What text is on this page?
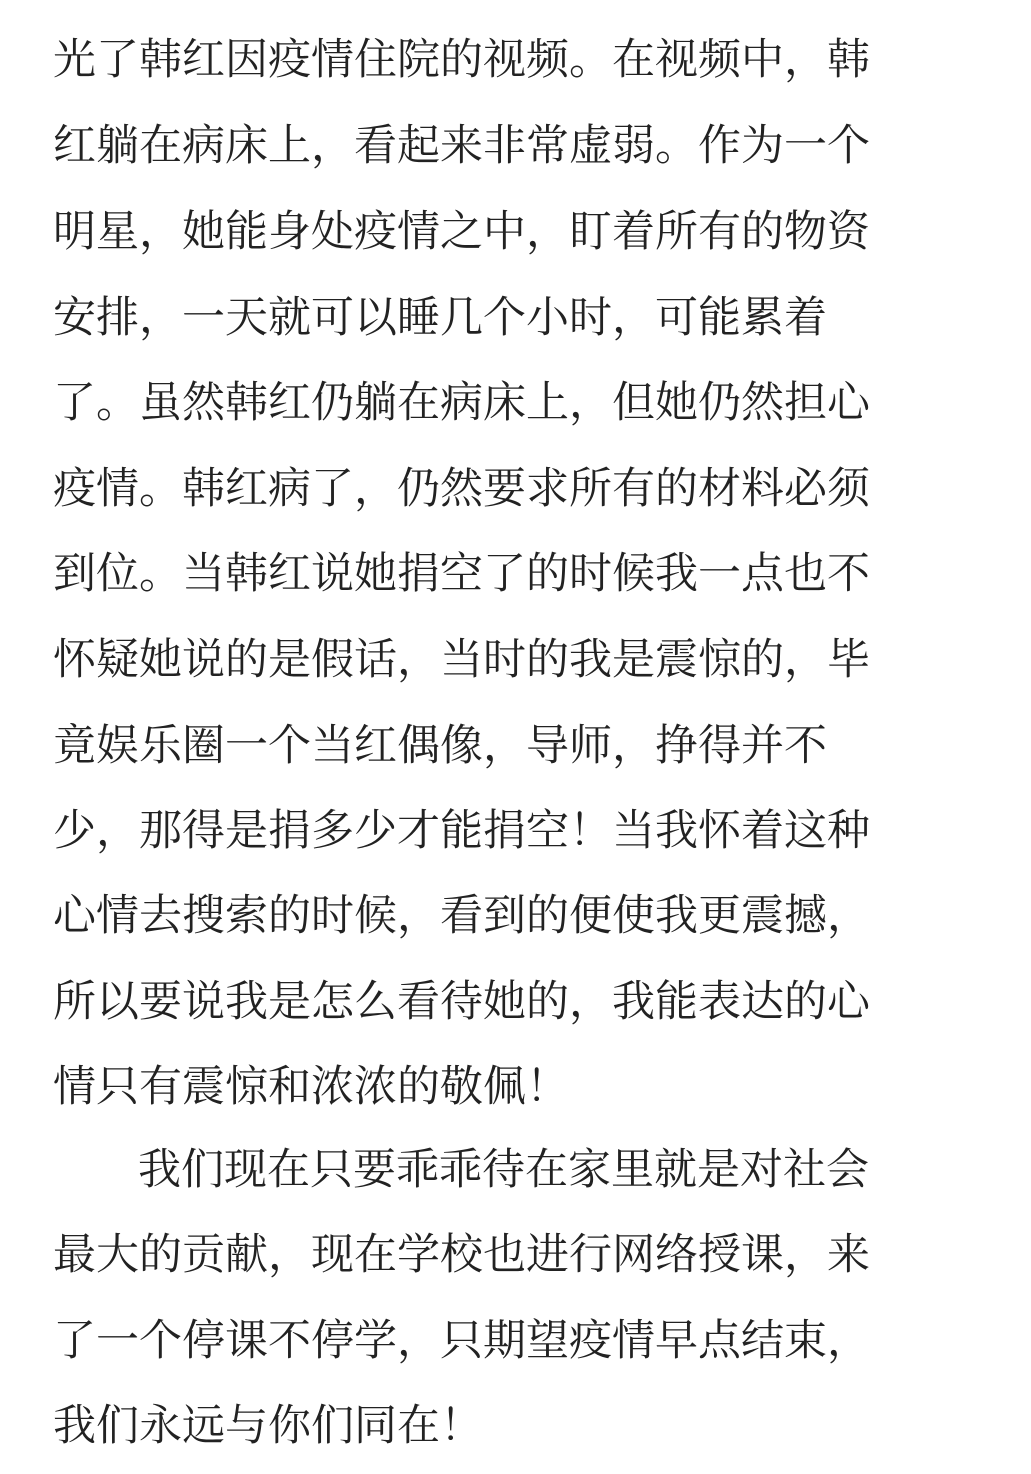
光了韩红因疫情住院的视频。在视频中，韩
红躺在病床上，看起来非常虚弱。作为一个
明星，她能身处疫情之中，盯着所有的物资
安排，一天就可以睡几个小时，可能累着
了。虽然韩红仍躺在病床上，但她仍然担心
疫情。韩红病了，仍然要求所有的材料必须
到位。当韩红说她捐空了的时候我一点也不
怀疑她说的是假话，当时的我是震惊的，毕
竟娱乐圈一个当红偶像，导师，挣得并不
少，那得是捐多少才能捐空！当我怀着这种
心情去搜索的时候，看到的便使我更震撼，
所以要说我是怎么看待她的，我能表达的心
情只有震惊和浓浓的敬佩！
我们现在只要乖乖待在家里就是对社会
最大的贡献，现在学校也进行网络授课，来
了一个停课不停学，只期望疫情早点结束，
我们永远与你们同在！
